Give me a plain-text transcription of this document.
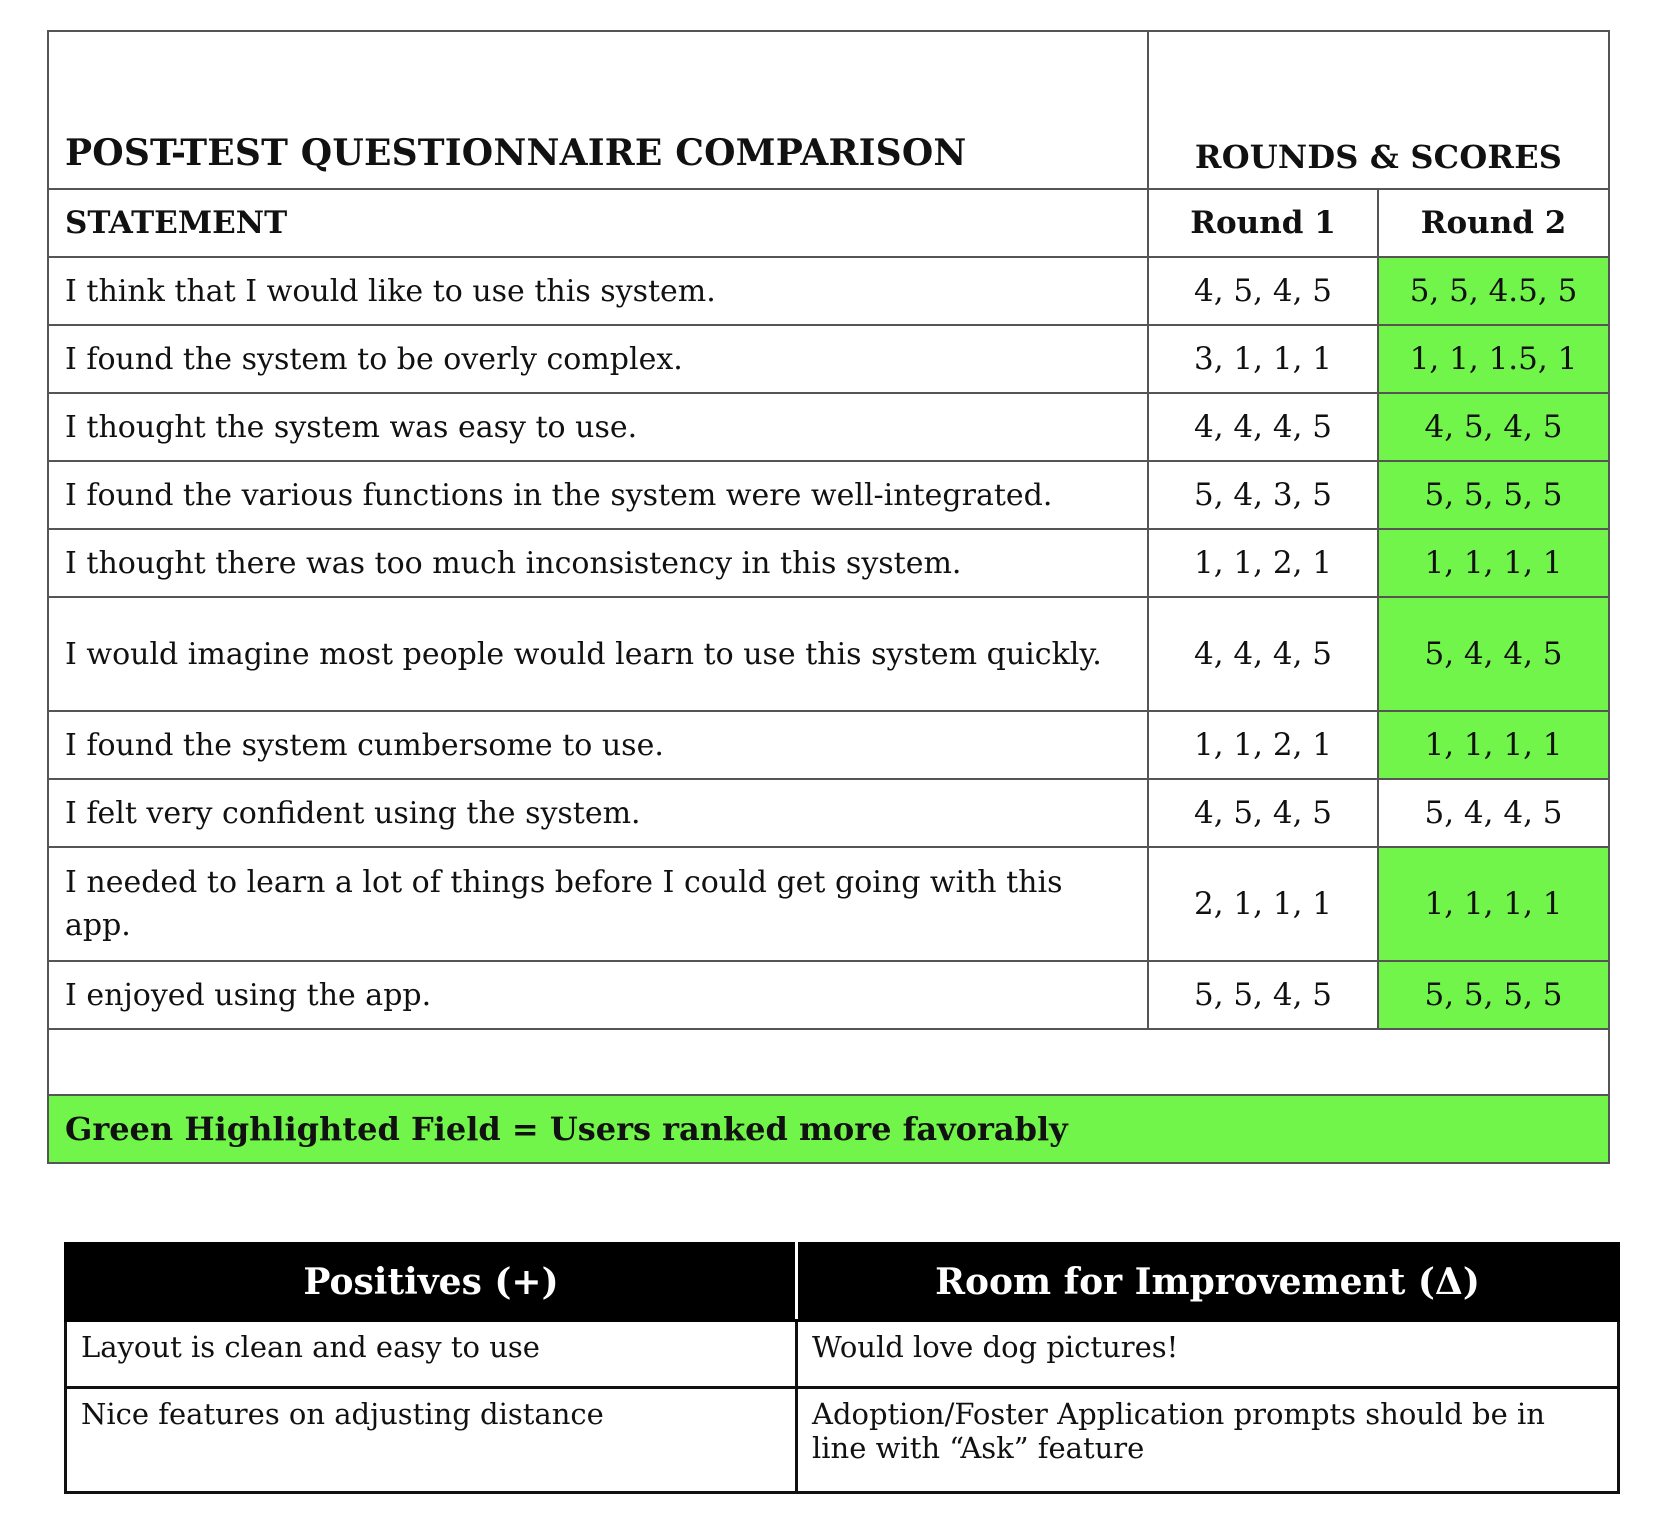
POST-TEST QUESTIONNAIRE COMPARISON	ROUNDS & SCORES	
STATEMENT	Round 1	Round 2
I think that I would like to use this system.	4, 5, 4, 5	5, 5, 4.5, 5
I found the system to be overly complex.	3, 1, 1, 1	1, 1, 1.5, 1
I thought the system was easy to use.	4, 4, 4, 5	4, 5, 4, 5
I found the various functions in the system were well-integrated.	5, 4, 3, 5	5, 5, 5, 5
I thought there was too much inconsistency in this system.	1, 1, 2, 1	1, 1, 1, 1
I would imagine most people would learn to use this system quickly.	4, 4, 4, 5	5, 4, 4, 5
I found the system cumbersome to use.	1, 1, 2, 1	1, 1, 1, 1
I felt very confident using the system.	4, 5, 4, 5	5, 4, 4, 5
I needed to learn a lot of things before I could get going with this app.	2, 1, 1, 1	1, 1, 1, 1
I enjoyed using the app.	5, 5, 4, 5	5, 5, 5, 5

Green Highlighted Field = Users ranked more favorably		
Positives (+)	Room for Improvement (Δ)
Layout is clean and easy to use	Would love dog pictures!
Nice features on adjusting distance	Adoption/Foster Application prompts should be in line with “Ask” feature
